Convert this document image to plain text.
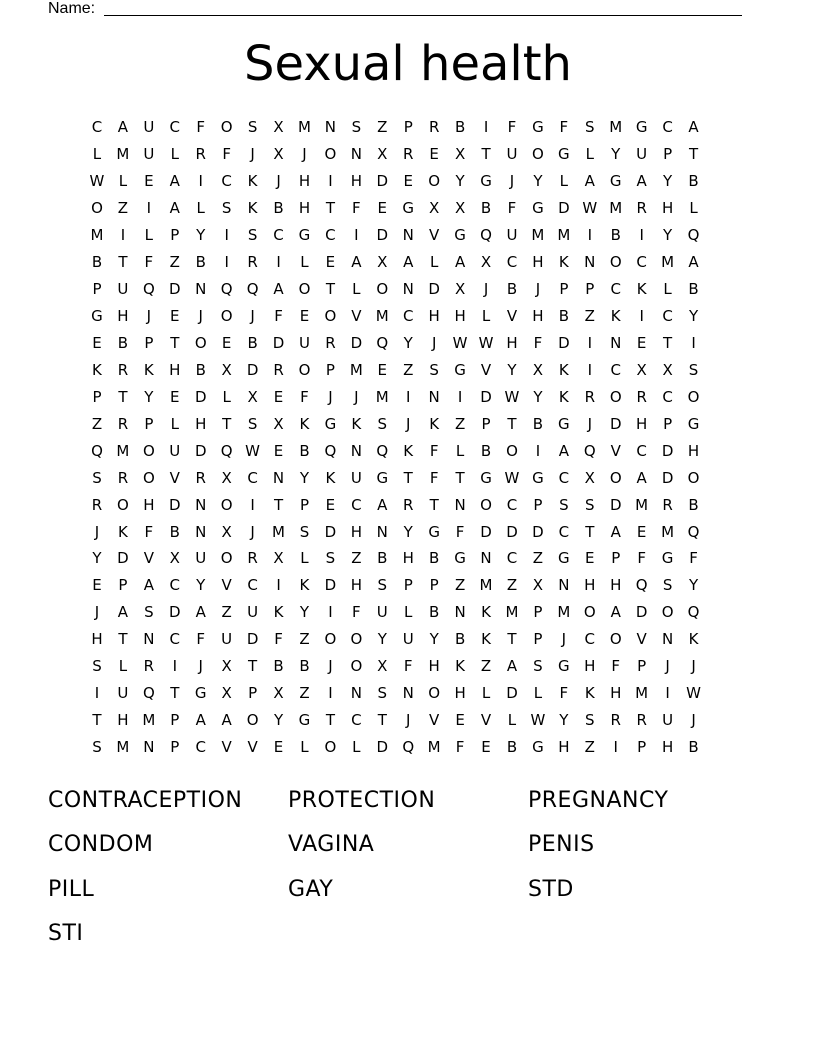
Name:
Sexual health
C	A	U	C	F	O	S	X M N	S	Z	P	R	B	I	F	G	F	S M G C	A
L	M U	L	R	F	J	X	J	O N	X	R	E	X	T	U O G	L	Y	U	P	T
W L	E	A	I	C	K	J	H	I	H D	E	O	Y	G	J	Y	L	A	G A	Y	B
O Z	I	A	L	S	K	B	H	T	F	E	G X	X	B	F	G D W M R	H	L
M	I	L	P	Y	I	S	C G C	I	D N	V	G Q U M M	I	B	I	Y	Q
B	T	F	Z	B	I	R	I	L	E	A	X	A	L	A	X	C	H	K	N O C M A
P	U Q D N Q Q A O	T	L	O N D	X	J	B	J	P	P	C	K	L	B
G H	J	E	J	O	J	F	E	O V M C	H H	L	V	H	B	Z	K	I	C	Y
E	B	P	T	O	E	B	D U	R D Q	Y	J	W W H	F	D	I	N	E	T	I
K	R	K	H	B	X	D R O	P M E	Z	S	G V	Y	X	K	I	C	X	X	S
P	T	Y	E	D	L	X	E	F	J	J	M	I	N	I	D W Y	K	R O R	C O
Z	R	P	L	H	T	S	X	K	G	K	S	J	K	Z	P	T	B G	J	D H	P	G
Q M O U D Q W E	B Q N Q	K	F	L	B O	I	A Q V	C D H
S	R O V	R	X	C	N	Y	K	U G	T	F	T	G W G C	X O A	D O
R O H D N O	I	T	P	E	C	A	R	T	N O C	P	S	S	D M R	B
J	K	F	B	N	X	J	M S	D H N	Y	G	F	D D D C	T	A	E M Q
Y	D	V	X	U O R	X	L	S	Z	B	H	B G N	C	Z G	E	P	F	G	F
E	P	A	C	Y	V	C	I	K	D H	S	P	P	Z M Z	X	N H H Q	S	Y
J	A	S	D	A	Z	U	K	Y	I	F	U	L	B	N	K M P M O A	D O Q
H	T	N	C	F	U D	F	Z O O	Y	U	Y	B	K	T	P	J	C O V	N	K
S	L	R	I	J	X	T	B	B	J	O X	F	H	K	Z	A	S	G H	F	P	J	J
I	U Q	T	G X	P	X	Z	I	N	S	N O H	L	D	L	F	K	H M	I	W
T	H M P	A	A O	Y	G	T	C	T	J	V	E	V	L W Y	S	R	R	U	J
S M N	P	C	V	V	E	L	O	L	D Q M	F	E	B G H	Z	I	P	H	B
CONTRACEPTION	PROTECTION	PREGNANCY
CONDOM	VAGINA	PENIS
PILL	GAY	STD
STI
